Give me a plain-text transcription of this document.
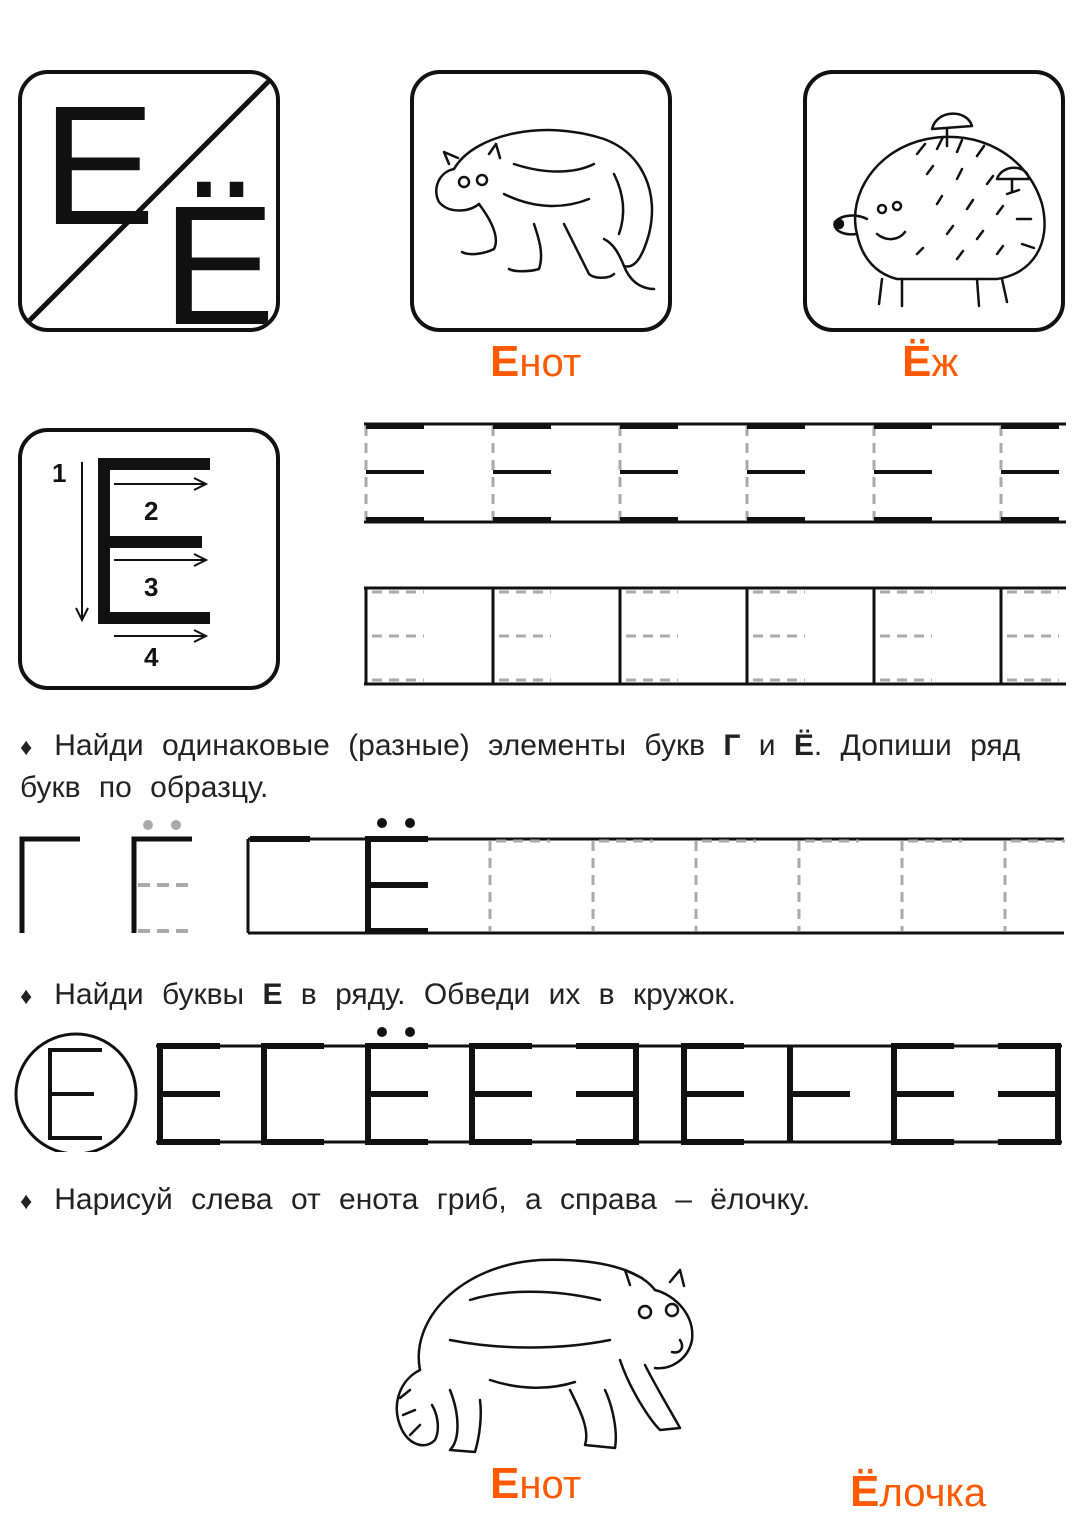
Е
Ё
Енот	Ёж
1
2
3
4
♦ Найди одинаковые (разные) элементы букв Г и Ё. Допиши ряд букв по образцу.
♦ Найди буквы Е в ряду. Обведи их в кружок.
♦ Нарисуй слева от енота гриб, а справа – ёлочку.
Енот	Ёлочка
